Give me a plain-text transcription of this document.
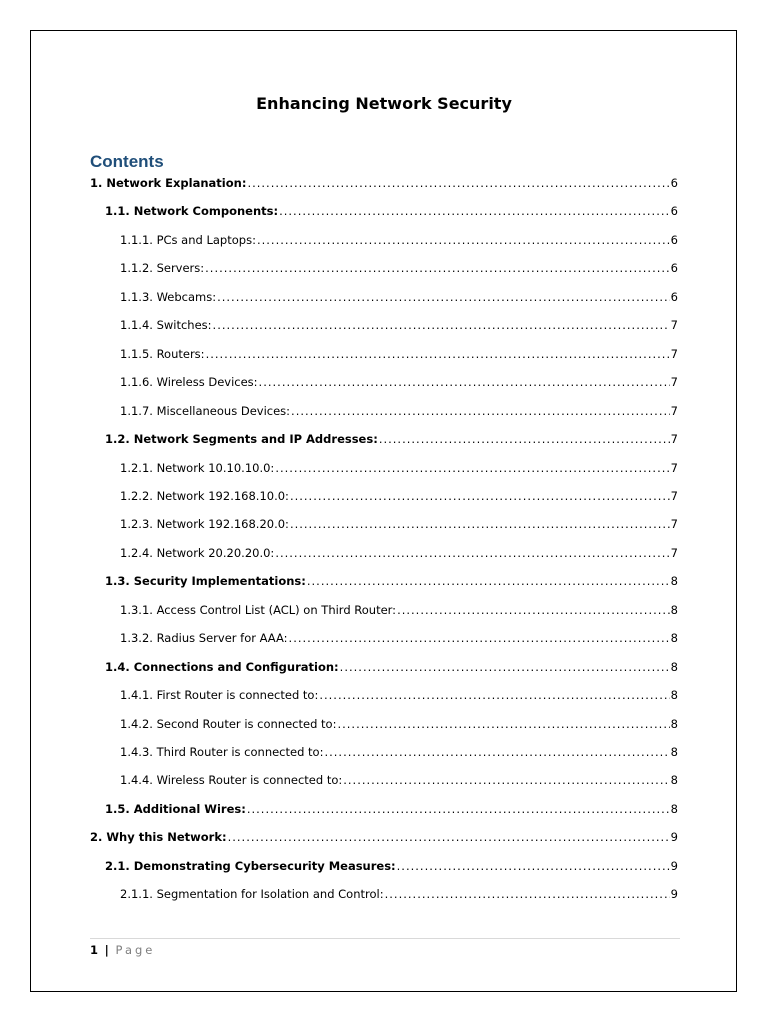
Enhancing Network Security
Contents
1. Network Explanation: .....	6
1.1. Network Components: .....	6
1.1.1. PCs and Laptops: .....	6
1.1.2. Servers: .....	6
1.1.3. Webcams: .....	6
1.1.4. Switches: .....	7
1.1.5. Routers: .....	7
1.1.6. Wireless Devices: .....	7
1.1.7. Miscellaneous Devices: .....	7
1.2. Network Segments and IP Addresses: .....	7
1.2.1. Network 10.10.10.0: .....	7
1.2.2. Network 192.168.10.0: .....	7
1.2.3. Network 192.168.20.0: .....	7
1.2.4. Network 20.20.20.0: .....	7
1.3. Security Implementations: .....	8
1.3.1. Access Control List (ACL) on Third Router: .....	8
1.3.2. Radius Server for AAA: .....	8
1.4. Connections and Configuration: .....	8
1.4.1. First Router is connected to: .....	8
1.4.2. Second Router is connected to: .....	8
1.4.3. Third Router is connected to: .....	8
1.4.4. Wireless Router is connected to: .....	8
1.5. Additional Wires: .....	8
2. Why this Network: .....	9
2.1. Demonstrating Cybersecurity Measures: .....	9
2.1.1. Segmentation for Isolation and Control: .....	9
1 | Page
